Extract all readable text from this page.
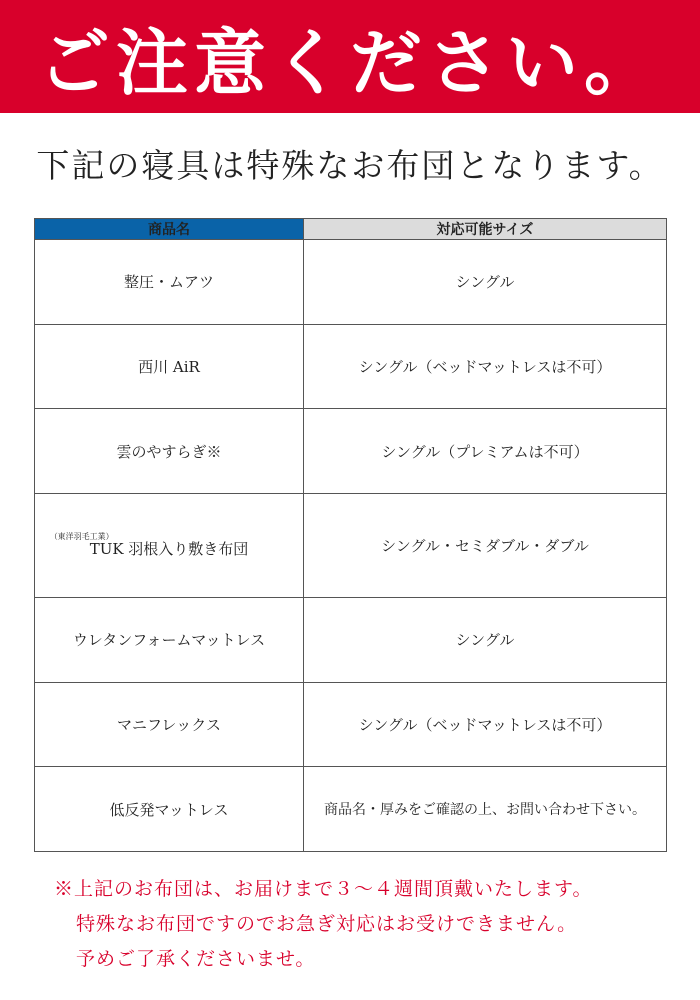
ご注意ください。
下記の寝具は特殊なお布団となります。
商品名	対応可能サイズ
整圧・ムアツ	シングル
西川 AiR	シングル（ベッドマットレスは不可）
雲のやすらぎ※	シングル（プレミアムは不可）

（東洋羽毛工業）
TUK 羽根入り敷き布団	シングル・セミダブル・ダブル
ウレタンフォームマットレス	シングル
マニフレックス	シングル（ベッドマットレスは不可）
低反発マットレス	商品名・厚みをご確認の上、お問い合わせ下さい。
※上記のお布団は、お届けまで３～４週間頂戴いたします。
特殊なお布団ですのでお急ぎ対応はお受けできません。
予めご了承くださいませ。
